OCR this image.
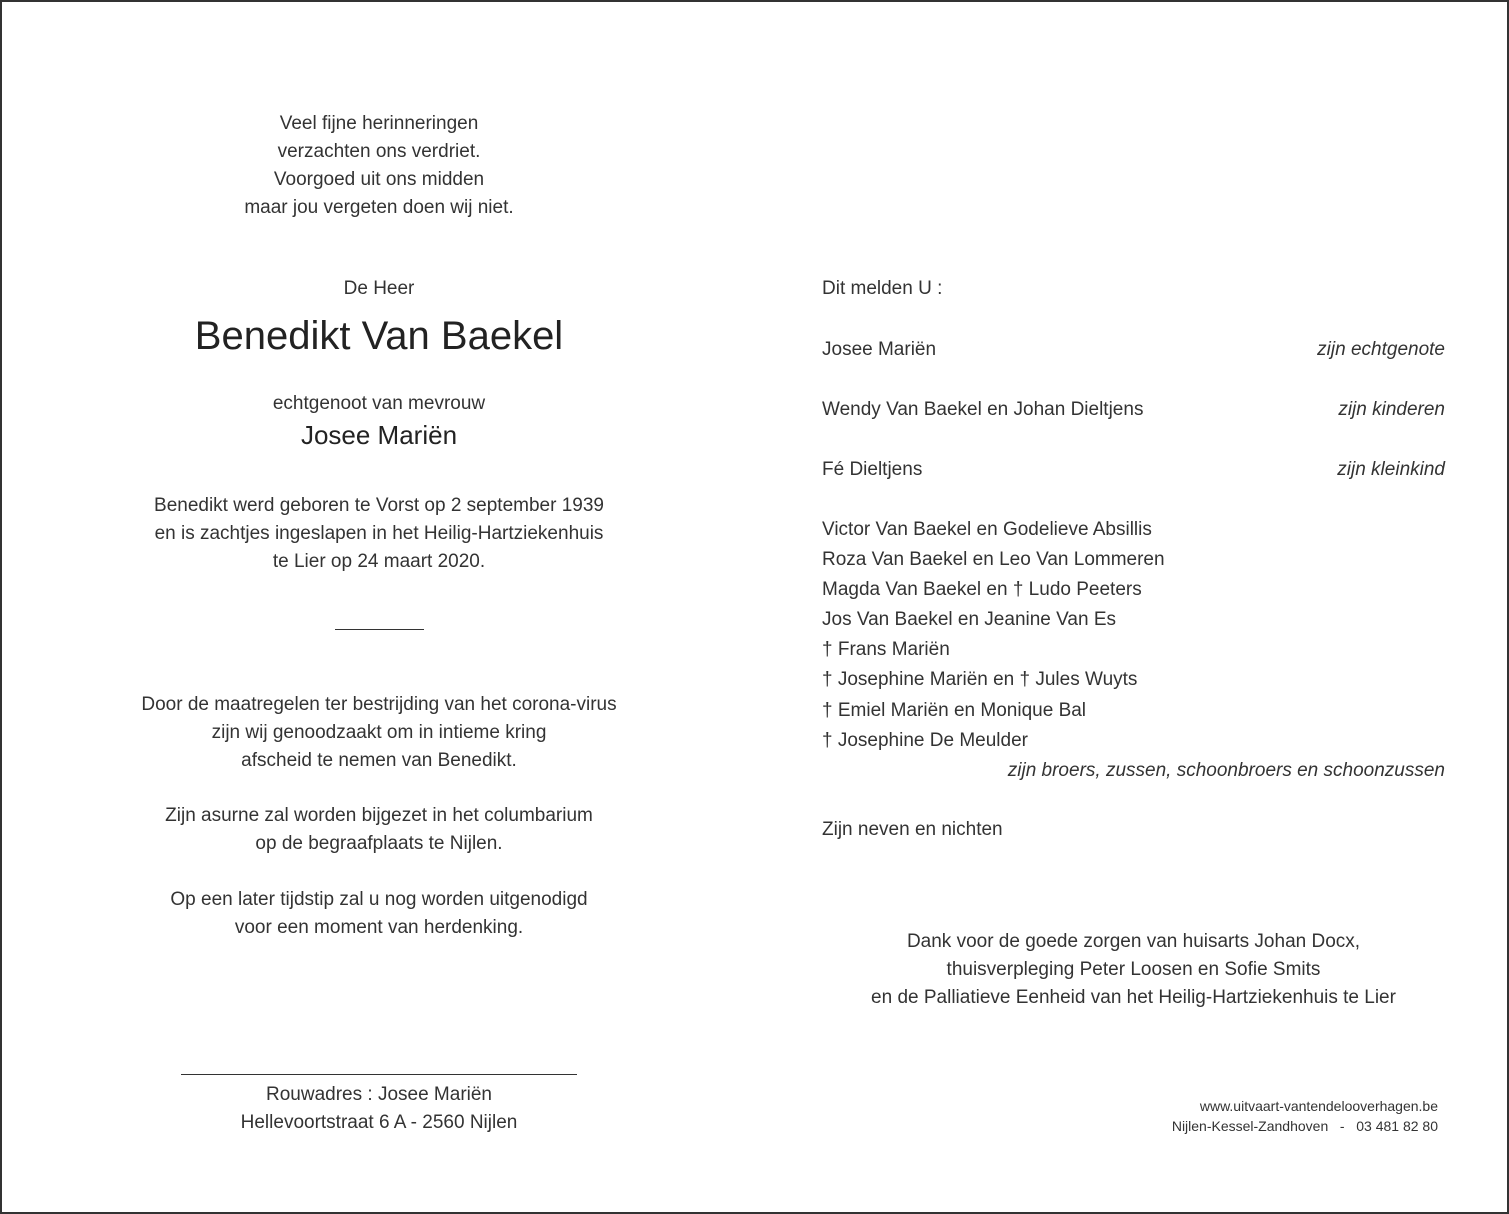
Veel fijne herinneringen
verzachten ons verdriet.
Voorgoed uit ons midden
maar jou vergeten doen wij niet.
De Heer
Benedikt Van Baekel
echtgenoot van mevrouw
Josee Mariën
Benedikt werd geboren te Vorst op 2 september 1939
en is zachtjes ingeslapen in het Heilig-Hartziekenhuis
te Lier op 24 maart 2020.
Door de maatregelen ter bestrijding van het corona-virus
zijn wij genoodzaakt om in intieme kring
afscheid te nemen van Benedikt.
Zijn asurne zal worden bijgezet in het columbarium
op de begraafplaats te Nijlen.
Op een later tijdstip zal u nog worden uitgenodigd
voor een moment van herdenking.
Rouwadres : Josee Mariën
Hellevoortstraat 6 A - 2560 Nijlen
Dit melden U :
Josee Mariën	zijn echtgenote
Wendy Van Baekel en Johan Dieltjens	zijn kinderen
Fé Dieltjens	zijn kleinkind
Victor Van Baekel en Godelieve Absillis
Roza Van Baekel en Leo Van Lommeren
Magda Van Baekel en † Ludo Peeters
Jos Van Baekel en Jeanine Van Es
† Frans Mariën
† Josephine Mariën en † Jules Wuyts
† Emiel Mariën en Monique Bal
† Josephine De Meulder
zijn broers, zussen, schoonbroers en schoonzussen
Zijn neven en nichten
Dank voor de goede zorgen van huisarts Johan Docx,
thuisverpleging Peter Loosen en Sofie Smits
en de Palliatieve Eenheid van het Heilig-Hartziekenhuis te Lier
www.uitvaart-vantendelooverhagen.be
Nijlen-Kessel-Zandhoven   -   03 481 82 80
